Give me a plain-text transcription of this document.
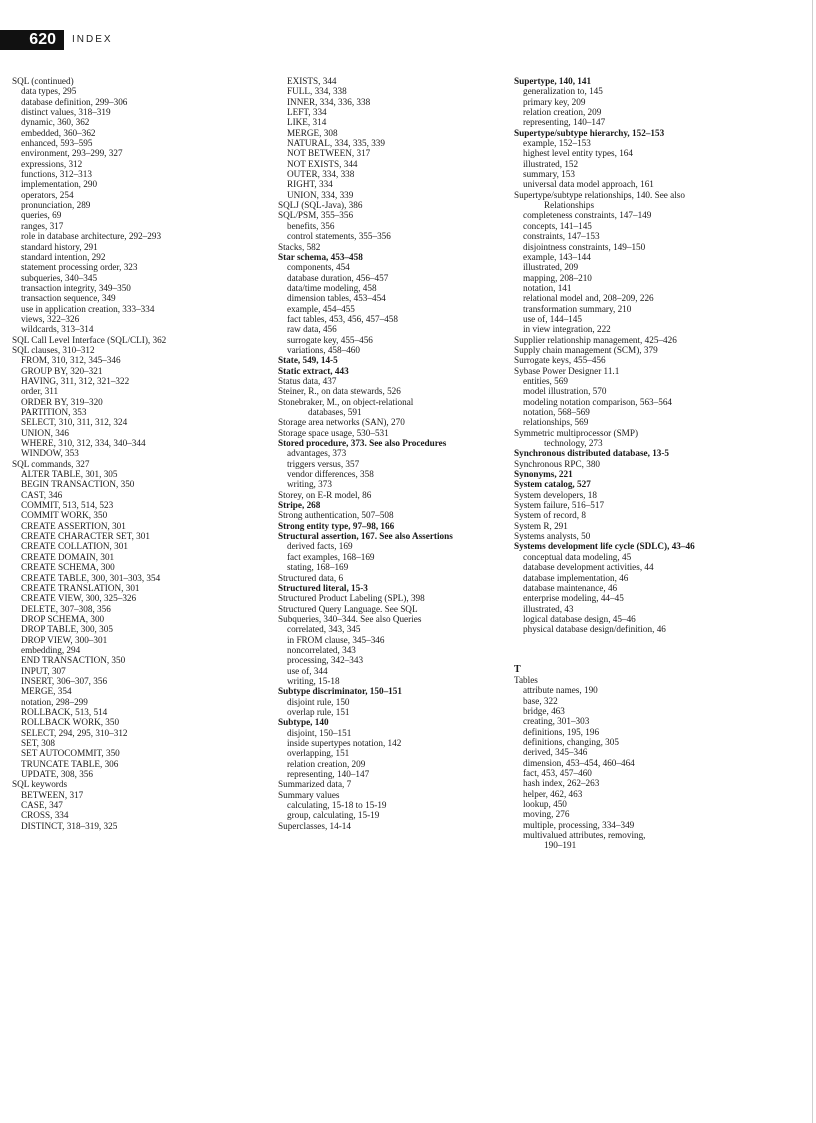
620	INDEX
SQL (continued)
data types, 295
database definition, 299–306
distinct values, 318–319
dynamic, 360, 362
embedded, 360–362
enhanced, 593–595
environment, 293–299, 327
expressions, 312
functions, 312–313
implementation, 290
operators, 254
pronunciation, 289
queries, 69
ranges, 317
role in database architecture, 292–293
standard history, 291
standard intention, 292
statement processing order, 323
subqueries, 340–345
transaction integrity, 349–350
transaction sequence, 349
use in application creation, 333–334
views, 322–326
wildcards, 313–314
SQL Call Level Interface (SQL/CLI), 362
SQL clauses, 310–312
FROM, 310, 312, 345–346
GROUP BY, 320–321
HAVING, 311, 312, 321–322
order, 311
ORDER BY, 319–320
PARTITION, 353
SELECT, 310, 311, 312, 324
UNION, 346
WHERE, 310, 312, 334, 340–344
WINDOW, 353
SQL commands, 327
ALTER TABLE, 301, 305
BEGIN TRANSACTION, 350
CAST, 346
COMMIT, 513, 514, 523
COMMIT WORK, 350
CREATE ASSERTION, 301
CREATE CHARACTER SET, 301
CREATE COLLATION, 301
CREATE DOMAIN, 301
CREATE SCHEMA, 300
CREATE TABLE, 300, 301–303, 354
CREATE TRANSLATION, 301
CREATE VIEW, 300, 325–326
DELETE, 307–308, 356
DROP SCHEMA, 300
DROP TABLE, 300, 305
DROP VIEW, 300–301
embedding, 294
END TRANSACTION, 350
INPUT, 307
INSERT, 306–307, 356
MERGE, 354
notation, 298–299
ROLLBACK, 513, 514
ROLLBACK WORK, 350
SELECT, 294, 295, 310–312
SET, 308
SET AUTOCOMMIT, 350
TRUNCATE TABLE, 306
UPDATE, 308, 356
SQL keywords
BETWEEN, 317
CASE, 347
CROSS, 334
DISTINCT, 318–319, 325
EXISTS, 344
FULL, 334, 338
INNER, 334, 336, 338
LEFT, 334
LIKE, 314
MERGE, 308
NATURAL, 334, 335, 339
NOT BETWEEN, 317
NOT EXISTS, 344
OUTER, 334, 338
RIGHT, 334
UNION, 334, 339
SQLJ (SQL-Java), 386
SQL/PSM, 355–356
benefits, 356
control statements, 355–356
Stacks, 582
Star schema, 453–458
components, 454
database duration, 456–457
data/time modeling, 458
dimension tables, 453–454
example, 454–455
fact tables, 453, 456, 457–458
raw data, 456
surrogate key, 455–456
variations, 458–460
State, 549, 14-5
Static extract, 443
Status data, 437
Steiner, R., on data stewards, 526
Stonebraker, M., on object-relational
databases, 591
Storage area networks (SAN), 270
Storage space usage, 530–531
Stored procedure, 373. See also Procedures
advantages, 373
triggers versus, 357
vendor differences, 358
writing, 373
Storey, on E-R model, 86
Stripe, 268
Strong authentication, 507–508
Strong entity type, 97–98, 166
Structural assertion, 167. See also Assertions
derived facts, 169
fact examples, 168–169
stating, 168–169
Structured data, 6
Structured literal, 15-3
Structured Product Labeling (SPL), 398
Structured Query Language. See SQL
Subqueries, 340–344. See also Queries
correlated, 343, 345
in FROM clause, 345–346
noncorrelated, 343
processing, 342–343
use of, 344
writing, 15-18
Subtype discriminator, 150–151
disjoint rule, 150
overlap rule, 151
Subtype, 140
disjoint, 150–151
inside supertypes notation, 142
overlapping, 151
relation creation, 209
representing, 140–147
Summarized data, 7
Summary values
calculating, 15-18 to 15-19
group, calculating, 15-19
Superclasses, 14-14
Supertype, 140, 141
generalization to, 145
primary key, 209
relation creation, 209
representing, 140–147
Supertype/subtype hierarchy, 152–153
example, 152–153
highest level entity types, 164
illustrated, 152
summary, 153
universal data model approach, 161
Supertype/subtype relationships, 140. See also
Relationships
completeness constraints, 147–149
concepts, 141–145
constraints, 147–153
disjointness constraints, 149–150
example, 143–144
illustrated, 209
mapping, 208–210
notation, 141
relational model and, 208–209, 226
transformation summary, 210
use of, 144–145
in view integration, 222
Supplier relationship management, 425–426
Supply chain management (SCM), 379
Surrogate keys, 455–456
Sybase Power Designer 11.1
entities, 569
model illustration, 570
modeling notation comparison, 563–564
notation, 568–569
relationships, 569
Symmetric multiprocessor (SMP)
technology, 273
Synchronous distributed database, 13-5
Synchronous RPC, 380
Synonyms, 221
System catalog, 527
System developers, 18
System failure, 516–517
System of record, 8
System R, 291
Systems analysts, 50
Systems development life cycle (SDLC), 43–46
conceptual data modeling, 45
database development activities, 44
database implementation, 46
database maintenance, 46
enterprise modeling, 44–45
illustrated, 43
logical database design, 45–46
physical database design/definition, 46
T
Tables
attribute names, 190
base, 322
bridge, 463
creating, 301–303
definitions, 195, 196
definitions, changing, 305
derived, 345–346
dimension, 453–454, 460–464
fact, 453, 457–460
hash index, 262–263
helper, 462, 463
lookup, 450
moving, 276
multiple, processing, 334–349
multivalued attributes, removing,
190–191
